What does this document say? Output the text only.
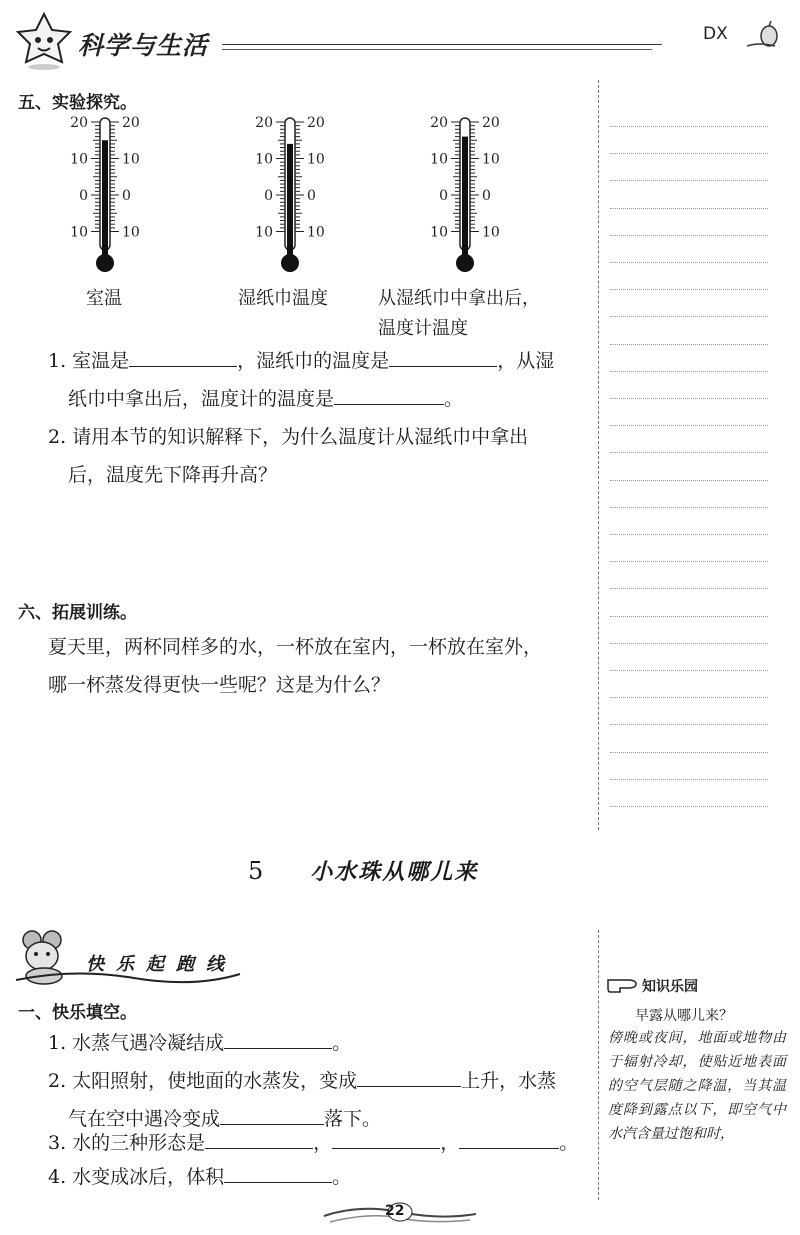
科学与生活	DX
五、实验探究。
20 20
10 10
0 0
10 10
20 20
10 10
0 0
10 10
20 20
10 10
0 0
10 10
室温	湿纸巾温度	从湿纸巾中拿出后，
温度计温度
1. 室温是	，湿纸巾的温度是	，从湿
纸巾中拿出后，温度计的温度是	。
2. 请用本节的知识解释下，为什么温度计从湿纸巾中拿出
后，温度先下降再升高？
六、拓展训练。
夏天里，两杯同样多的水，一杯放在室内，一杯放在室外，
哪一杯蒸发得更快一些呢？这是为什么？
5 小水珠从哪儿来
快乐起跑线
一、快乐填空。
1. 水蒸气遇冷凝结成	。
2. 太阳照射，使地面的水蒸发，变成	上升，水蒸
气在空中遇冷变成	落下。
3. 水的三种形态是	，	，	。
4. 水变成冰后，体积	。
知识乐园
早露从哪儿来？
傍晚或夜间，地面或地物由于辐射冷却，使贴近地表面的空气层随之降温，当其温度降到露点以下，即空气中水汽含量过饱和时，
22
